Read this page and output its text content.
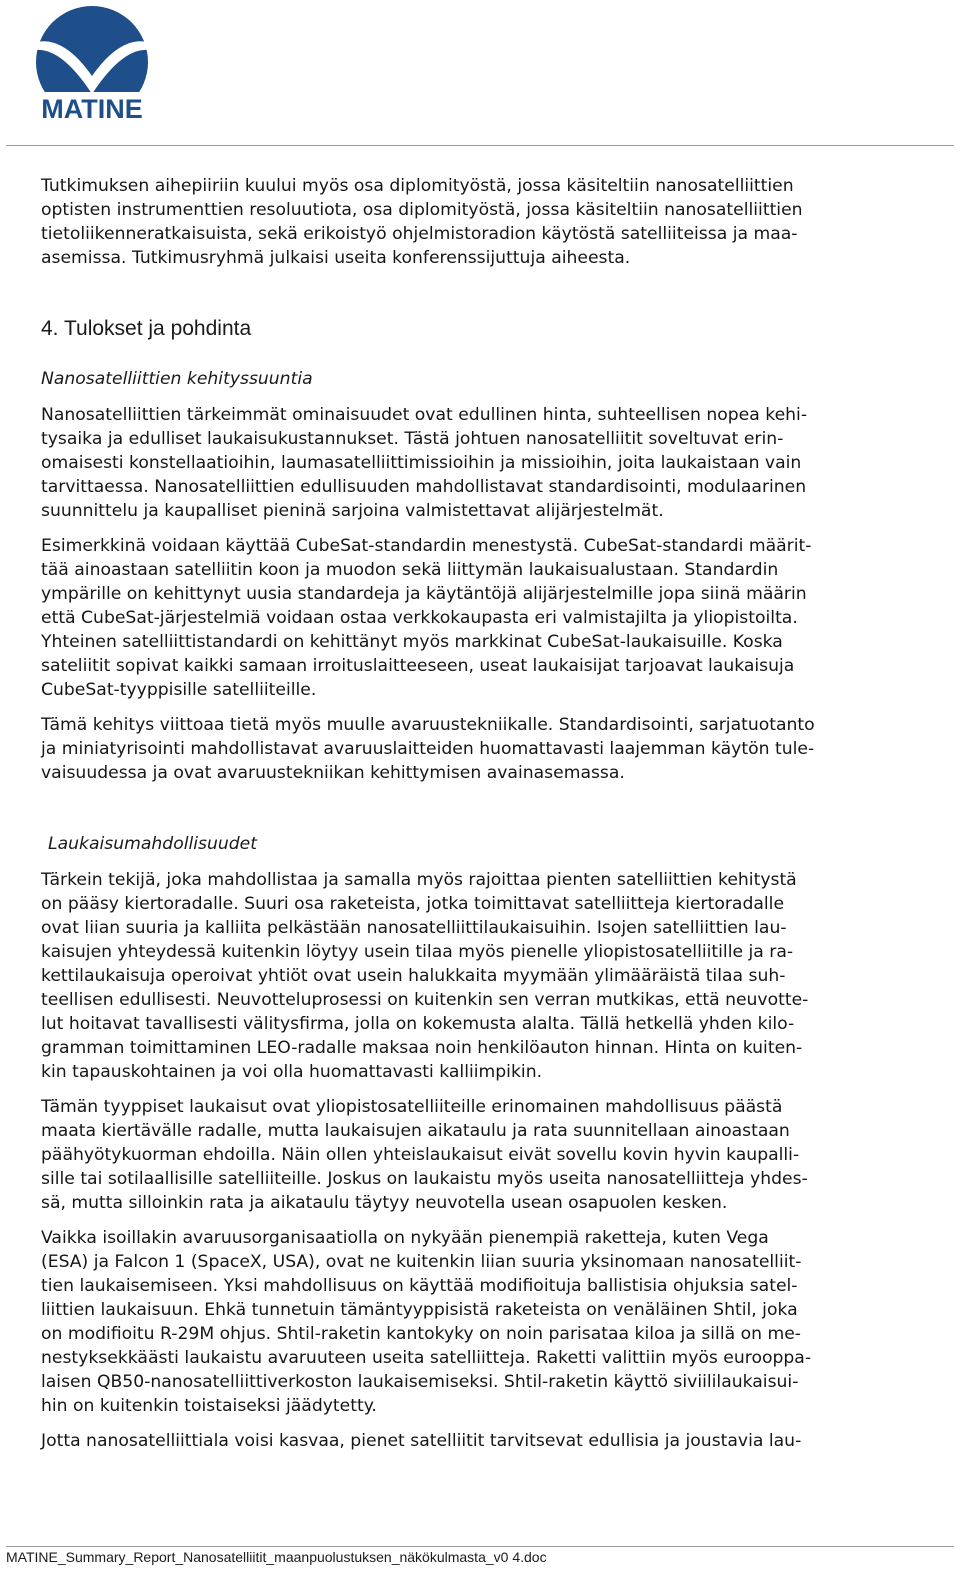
MATINE

Tutkimuksen aihepiiriin kuului myös osa diplomityöstä, jossa käsiteltiin nanosatelliittien

optisten instrumenttien resoluutiota, osa diplomityöstä, jossa käsiteltiin nanosatelliittien

tietoliikenneratkaisuista, sekä erikoistyö ohjelmistoradion käytöstä satelliiteissa ja maa-

asemissa. Tutkimusryhmä julkaisi useita konferenssijuttuja aiheesta.

4. Tulokset ja pohdinta
Nanosatelliittien kehityssuuntia

Nanosatelliittien tärkeimmät ominaisuudet ovat edullinen hinta, suhteellisen nopea kehi-

tysaika ja edulliset laukaisukustannukset. Tästä johtuen nanosatelliitit soveltuvat erin-

omaisesti konstellaatioihin, laumasatelliittimissioihin ja missioihin, joita laukaistaan vain

tarvittaessa. Nanosatelliittien edullisuuden mahdollistavat standardisointi, modulaarinen

suunnittelu ja kaupalliset pieninä sarjoina valmistettavat alijärjestelmät.

Esimerkkinä voidaan käyttää CubeSat-standardin menestystä. CubeSat-standardi määrit-

tää ainoastaan satelliitin koon ja muodon sekä liittymän laukaisualustaan. Standardin

ympärille on kehittynyt uusia standardeja ja käytäntöjä alijärjestelmille jopa siinä määrin

että CubeSat-järjestelmiä voidaan ostaa verkkokaupasta eri valmistajilta ja yliopistoilta.

Yhteinen satelliittistandardi on kehittänyt myös markkinat CubeSat-laukaisuille. Koska

sateliitit sopivat kaikki samaan irroituslaitteeseen, useat laukaisijat tarjoavat laukaisuja

CubeSat-tyyppisille satelliiteille.

Tämä kehitys viittoaa tietä myös muulle avaruustekniikalle. Standardisointi, sarjatuotanto

ja miniatyrisointi mahdollistavat avaruuslaitteiden huomattavasti laajemman käytön tule-

vaisuudessa ja ovat avaruustekniikan kehittymisen avainasemassa.

Laukaisumahdollisuudet

Tärkein tekijä, joka mahdollistaa ja samalla myös rajoittaa pienten satelliittien kehitystä

on pääsy kiertoradalle. Suuri osa raketeista, jotka toimittavat satelliitteja kiertoradalle

ovat liian suuria ja kalliita pelkästään nanosatelliittilaukaisuihin. Isojen satelliittien lau-

kaisujen yhteydessä kuitenkin löytyy usein tilaa myös pienelle yliopistosatelliitille ja ra-

kettilaukaisuja operoivat yhtiöt ovat usein halukkaita myymään ylimääräistä tilaa suh-

teellisen edullisesti. Neuvotteluprosessi on kuitenkin sen verran mutkikas, että neuvotte-

lut hoitavat tavallisesti välitysfirma, jolla on kokemusta alalta. Tällä hetkellä yhden kilo-

gramman toimittaminen LEO-radalle maksaa noin henkilöauton hinnan. Hinta on kuiten-

kin tapauskohtainen ja voi olla huomattavasti kalliimpikin.

Tämän tyyppiset laukaisut ovat yliopistosatelliiteille erinomainen mahdollisuus päästä

maata kiertävälle radalle, mutta laukaisujen aikataulu ja rata suunnitellaan ainoastaan

päähyötykuorman ehdoilla. Näin ollen yhteislaukaisut eivät sovellu kovin hyvin kaupalli-

sille tai sotilaallisille satelliiteille. Joskus on laukaistu myös useita nanosatelliitteja yhdes-

sä, mutta silloinkin rata ja aikataulu täytyy neuvotella usean osapuolen kesken.

Vaikka isoillakin avaruusorganisaatiolla on nykyään pienempiä raketteja, kuten Vega

(ESA) ja Falcon 1 (SpaceX, USA), ovat ne kuitenkin liian suuria yksinomaan nanosatelliit-

tien laukaisemiseen. Yksi mahdollisuus on käyttää modifioituja ballistisia ohjuksia satel-

liittien laukaisuun. Ehkä tunnetuin tämäntyyppisistä raketeista on venäläinen Shtil, joka

on modifioitu R-29M ohjus. Shtil-raketin kantokyky on noin parisataa kiloa ja sillä on me-

nestyksekkäästi laukaistu avaruuteen useita satelliitteja. Raketti valittiin myös eurooppa-

laisen QB50-nanosatelliittiverkoston laukaisemiseksi. Shtil-raketin käyttö siviililaukaisui-

hin on kuitenkin toistaiseksi jäädytetty.

Jotta nanosatelliittiala voisi kasvaa, pienet satelliitit tarvitsevat edullisia ja joustavia lau-

MATINE_Summary_Report_Nanosatelliitit_maanpuolustuksen_näkökulmasta_v0 4.doc
